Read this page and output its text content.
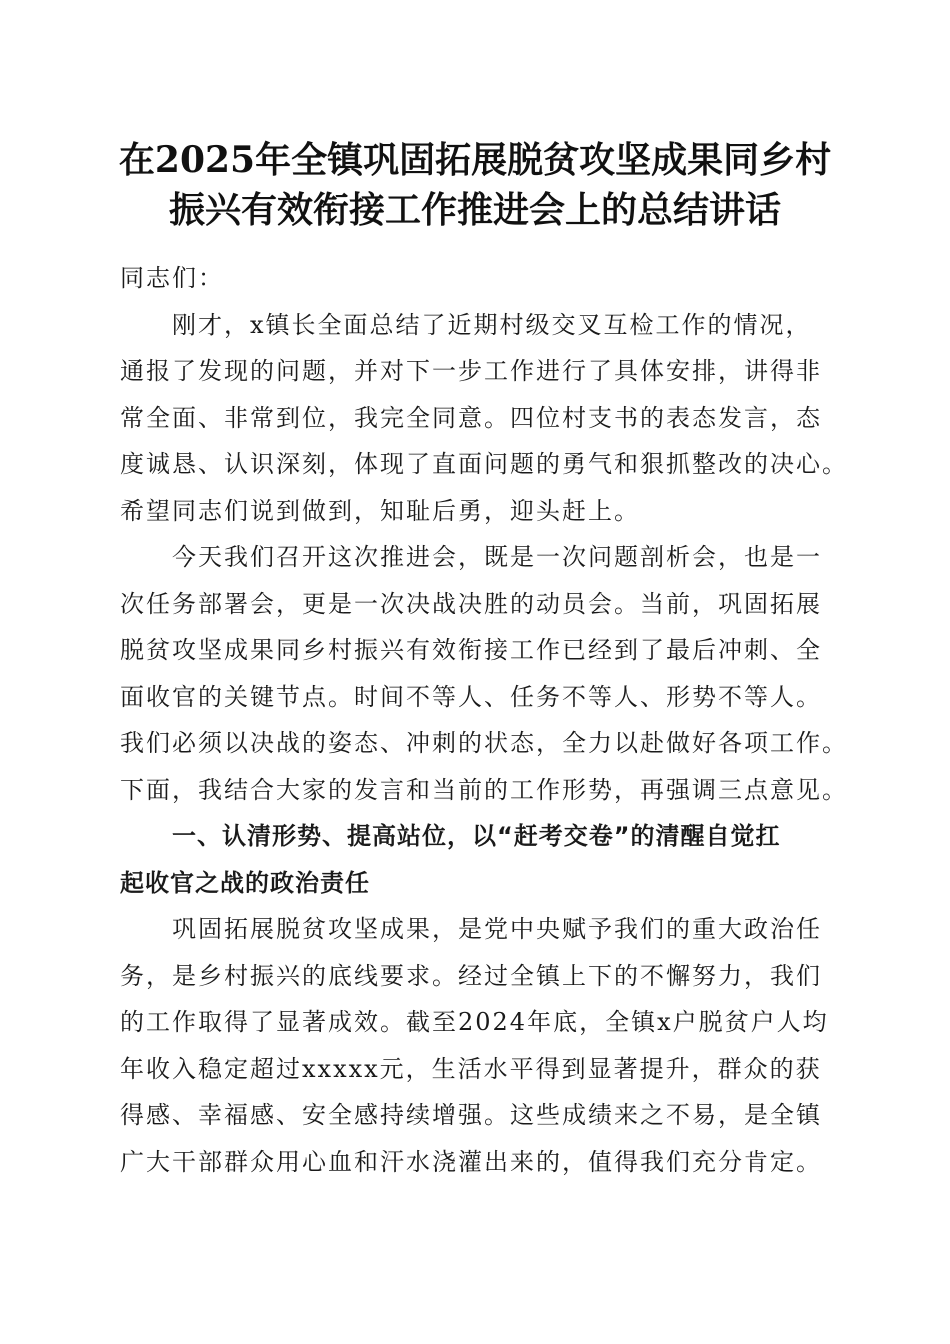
在2025年全镇巩固拓展脱贫攻坚成果同乡村
振兴有效衔接工作推进会上的总结讲话
同志们：
刚才，x镇长全面总结了近期村级交叉互检工作的情况，
通报了发现的问题，并对下一步工作进行了具体安排，讲得非
常全面、非常到位，我完全同意。四位村支书的表态发言，态
度诚恳、认识深刻，体现了直面问题的勇气和狠抓整改的决心。
希望同志们说到做到，知耻后勇，迎头赶上。
今天我们召开这次推进会，既是一次问题剖析会，也是一
次任务部署会，更是一次决战决胜的动员会。当前，巩固拓展
脱贫攻坚成果同乡村振兴有效衔接工作已经到了最后冲刺、全
面收官的关键节点。时间不等人、任务不等人、形势不等人。
我们必须以决战的姿态、冲刺的状态，全力以赴做好各项工作。
下面，我结合大家的发言和当前的工作形势，再强调三点意见。
一、认清形势、提高站位，以“赶考交卷”的清醒自觉扛
起收官之战的政治责任
巩固拓展脱贫攻坚成果，是党中央赋予我们的重大政治任
务，是乡村振兴的底线要求。经过全镇上下的不懈努力，我们
的工作取得了显著成效。截至2024年底，全镇x户脱贫户人均
年收入稳定超过xxxxx元，生活水平得到显著提升，群众的获
得感、幸福感、安全感持续增强。这些成绩来之不易，是全镇
广大干部群众用心血和汗水浇灌出来的，值得我们充分肯定。
